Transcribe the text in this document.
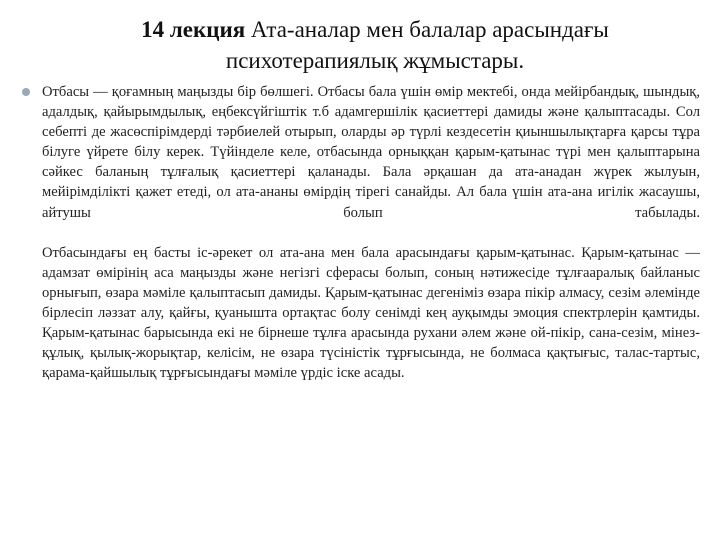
14 лекция Ата-аналар мен балалар арасындағы психотерапиялық жұмыстары.

Отбасы — қоғамның маңызды бір бөлшегі. Отбасы бала үшін өмір мектебі, онда мейірбандық, шындық, адалдық, қайырымдылық, еңбексүйгіштік т.б адамгершілік қасиеттері дамиды және қалыптасады. Сол себепті де жасөспірімдерді тәрбиелей отырып, оларды әр түрлі кездесетін қиыншылықтарға қарсы тұра білуге үйрете білу керек. Түйінделе келе, отбасында орныққан қарым-қатынас түрі мен қалыптарына сәйкес баланың тұлғалық қасиеттері қаланады. Бала әрқашан да ата-анадан жүрек жылуын, мейірімділікті қажет етеді, ол ата-ананы өмірдің тірегі санайды. Ал бала үшін ата-ана игілік жасаушы, айтушы болып табылады.

Отбасындағы ең басты іс-әрекет ол ата-ана мен бала арасындағы қарым-қатынас. Қарым-қатынас — адамзат өмірінің аса маңызды және негізгі сферасы болып, соның нәтижесіде тұлғааралық байланыс орнығып, өзара мәміле қалыптасып дамиды. Қарым-қатынас дегеніміз өзара пікір алмасу, сезім әлемінде бірлесіп ләззат алу, қайғы, қуанышта ортақтас болу сенімді кең ауқымды эмоция спектрлерін қамтиды. Қарым-қатынас барысында екі не бірнеше тұлға арасында рухани әлем және ой-пікір, сана-сезім, мінез-құлық, қылық-жорықтар, келісім, не өзара түсіністік тұрғысында, не болмаса қақтығыс, талас-тартыс, қарама-қайшылық тұрғысындағы мәміле үрдіс іске асады.
